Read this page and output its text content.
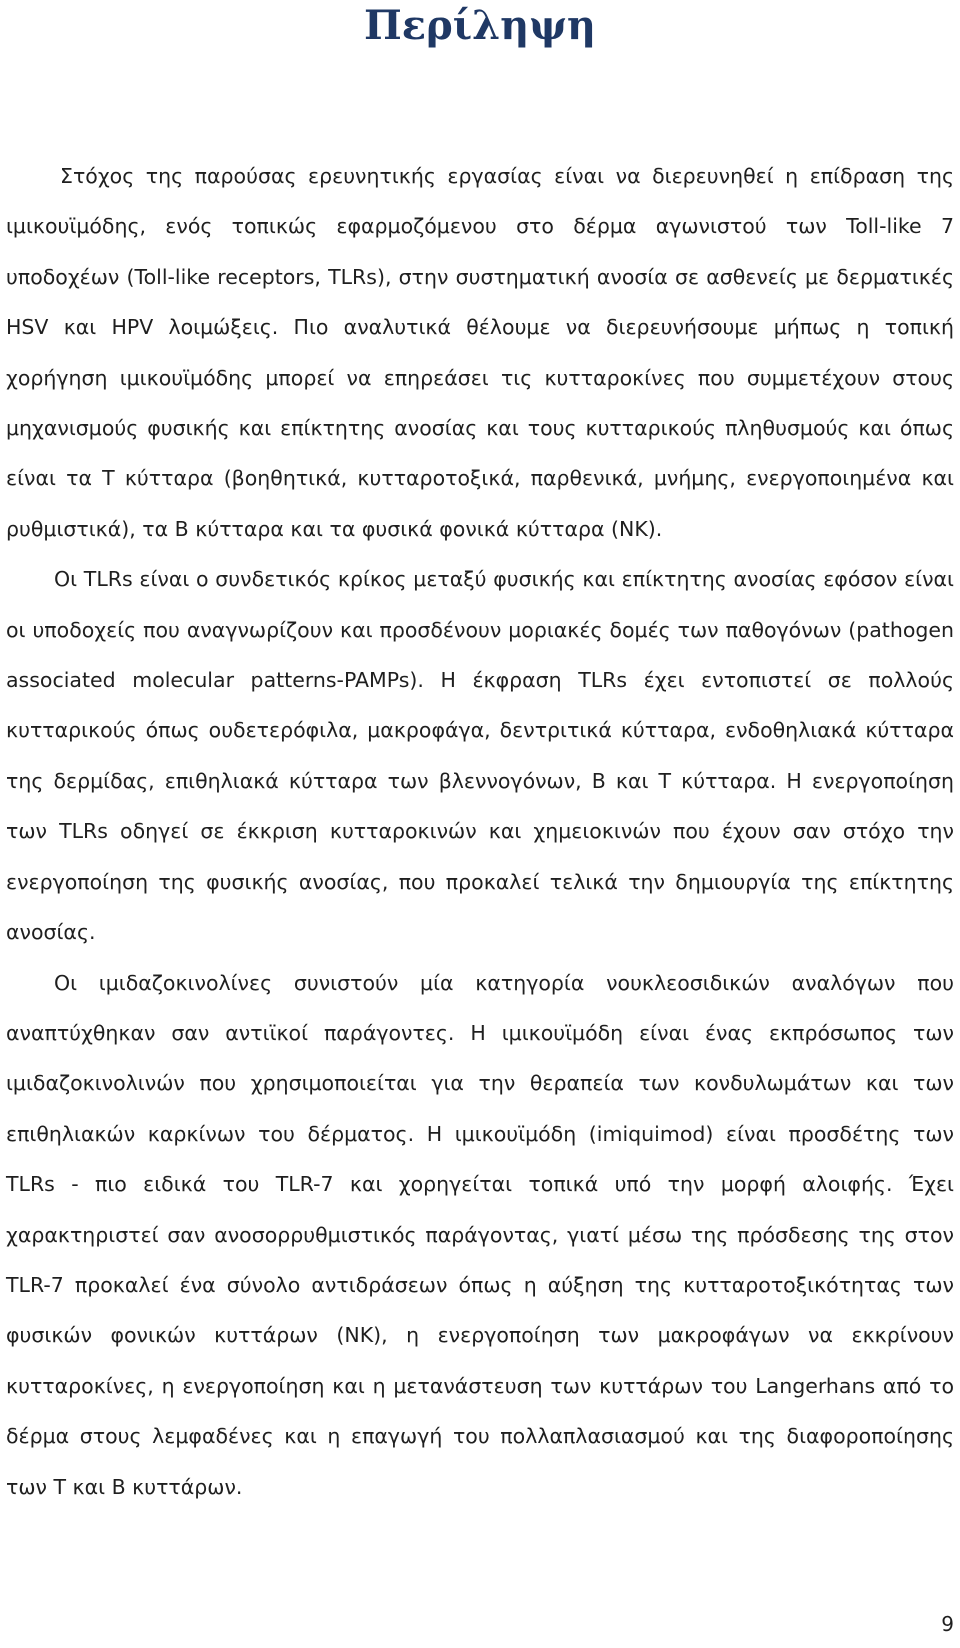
Περίληψη

Στόχος της παρούσας ερευνητικής εργασίας είναι να διερευνηθεί η επίδραση της ιμικουϊμόδης, ενός τοπικώς εφαρμοζόμενου στο δέρμα αγωνιστού των Toll-like 7 υποδοχέων (Toll-like receptors, TLRs), στην συστηματική ανοσία σε ασθενείς με δερματικές HSV και HPV λοιμώξεις. Πιο αναλυτικά θέλουμε να διερευνήσουμε μήπως η τοπική χορήγηση ιμικουϊμόδης μπορεί να επηρεάσει τις κυτταροκίνες που συμμετέχουν στους μηχανισμούς φυσικής και επίκτητης ανοσίας και τους κυτταρικούς πληθυσμούς και όπως είναι τα Τ κύτταρα (βοηθητικά, κυτταροτοξικά, παρθενικά, μνήμης, ενεργοποιημένα και ρυθμιστικά), τα Β κύτταρα και τα φυσικά φονικά κύτταρα (ΝΚ).

Οι TLRs είναι ο συνδετικός κρίκος μεταξύ φυσικής και επίκτητης ανοσίας εφόσον είναι οι υποδοχείς που αναγνωρίζουν και προσδένουν μοριακές δομές των παθογόνων (pathogen associated molecular patterns-PAMPs). Η έκφραση TLRs έχει εντοπιστεί σε πολλούς κυτταρικούς όπως ουδετερόφιλα, μακροφάγα, δεντριτικά κύτταρα, ενδοθηλιακά κύτταρα της δερμίδας, επιθηλιακά κύτταρα των βλεννογόνων, Β και Τ κύτταρα. Η ενεργοποίηση των TLRs οδηγεί σε έκκριση κυτταροκινών και χημειοκινών που έχουν σαν στόχο την ενεργοποίηση της φυσικής ανοσίας, που προκαλεί τελικά την δημιουργία της επίκτητης ανοσίας.

Οι ιμιδαζοκινολίνες συνιστούν μία κατηγορία νουκλεοσιδικών αναλόγων που αναπτύχθηκαν σαν αντιϊκοί παράγοντες. Η ιμικουϊμόδη είναι ένας εκπρόσωπος των ιμιδαζοκινολινών που χρησιμοποιείται για την θεραπεία των κονδυλωμάτων και των επιθηλιακών καρκίνων του δέρματος. Η ιμικουϊμόδη (imiquimod) είναι προσδέτης των TLRs - πιο ειδικά του TLR-7 και χορηγείται τοπικά υπό την μορφή αλοιφής. Έχει χαρακτηριστεί σαν ανοσορρυθμιστικός παράγοντας, γιατί μέσω της πρόσδεσης της στον TLR-7 προκαλεί ένα σύνολο αντιδράσεων όπως η αύξηση της κυτταροτοξικότητας των φυσικών φονικών κυττάρων (ΝΚ), η ενεργοποίηση των μακροφάγων να εκκρίνουν κυτταροκίνες, η ενεργοποίηση και η μετανάστευση των κυττάρων του Langerhans από το δέρμα στους λεμφαδένες και η επαγωγή του πολλαπλασιασμού και της διαφοροποίησης των Τ και Β κυττάρων.

9
